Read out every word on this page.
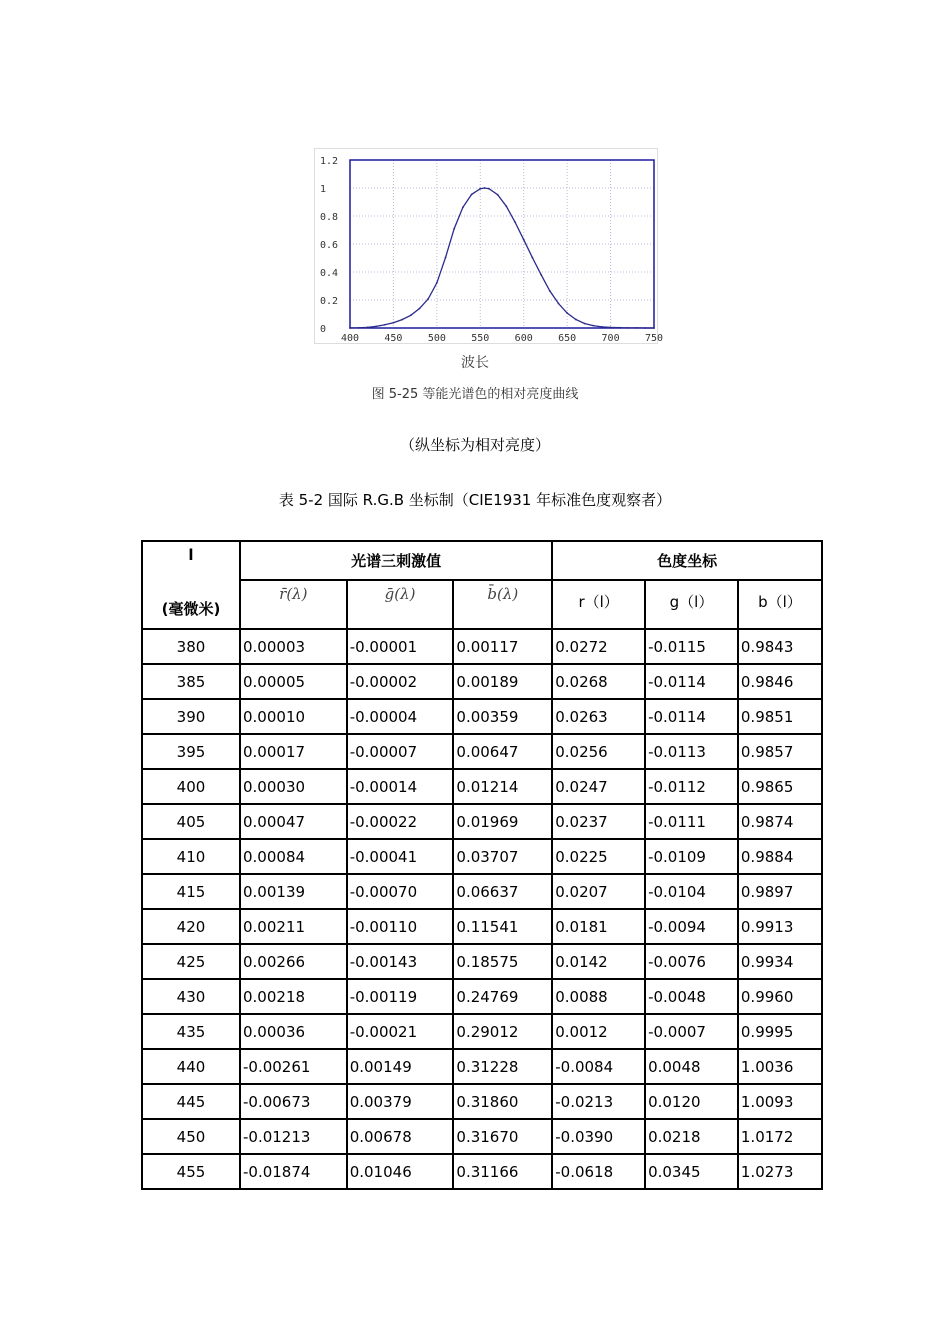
400	450	500	550	600	650	700	750
0
0.2
0.4
0.6
0.8
1
1.2
波长
图 5-25 等能光谱色的相对亮度曲线
（纵坐标为相对亮度）
表 5-2 国际 R.G.B 坐标制（CIE1931 年标准色度观察者）
l
(毫微米)	光谱三刺激值			色度坐标		
	r̄(λ)	ḡ(λ)	b̄(λ)	r（l）	g（l）	b（l）
380	0.00003	-0.00001	0.00117	0.0272	-0.0115	0.9843
385	0.00005	-0.00002	0.00189	0.0268	-0.0114	0.9846
390	0.00010	-0.00004	0.00359	0.0263	-0.0114	0.9851
395	0.00017	-0.00007	0.00647	0.0256	-0.0113	0.9857
400	0.00030	-0.00014	0.01214	0.0247	-0.0112	0.9865
405	0.00047	-0.00022	0.01969	0.0237	-0.0111	0.9874
410	0.00084	-0.00041	0.03707	0.0225	-0.0109	0.9884
415	0.00139	-0.00070	0.06637	0.0207	-0.0104	0.9897
420	0.00211	-0.00110	0.11541	0.0181	-0.0094	0.9913
425	0.00266	-0.00143	0.18575	0.0142	-0.0076	0.9934
430	0.00218	-0.00119	0.24769	0.0088	-0.0048	0.9960
435	0.00036	-0.00021	0.29012	0.0012	-0.0007	0.9995
440	-0.00261	0.00149	0.31228	-0.0084	0.0048	1.0036
445	-0.00673	0.00379	0.31860	-0.0213	0.0120	1.0093
450	-0.01213	0.00678	0.31670	-0.0390	0.0218	1.0172
455	-0.01874	0.01046	0.31166	-0.0618	0.0345	1.0273
